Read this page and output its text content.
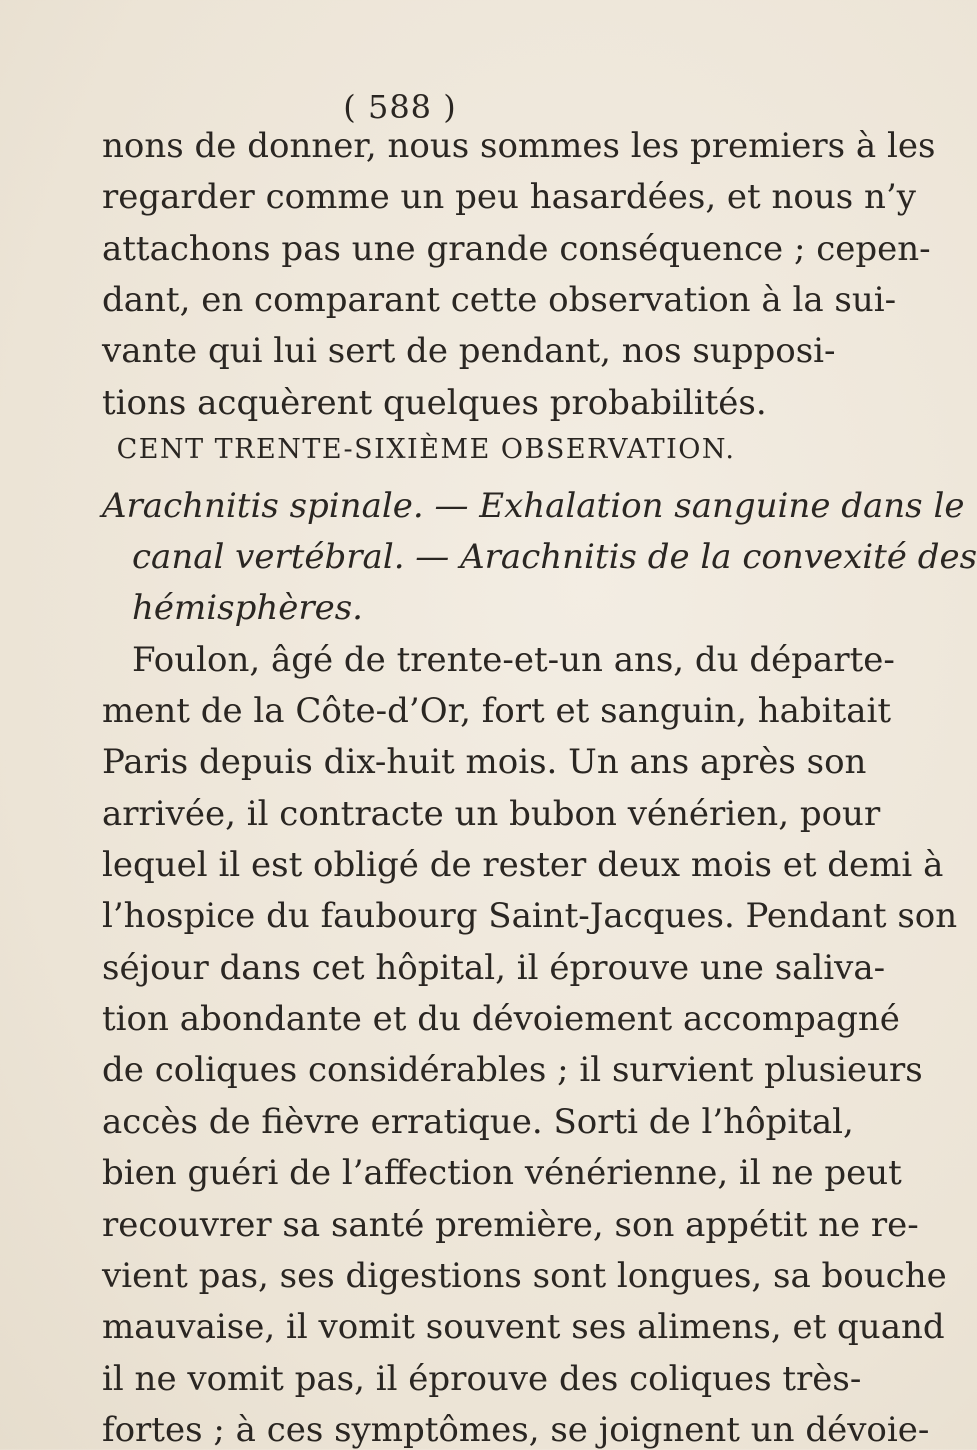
( 588 )
nons de donner, nous sommes les premiers à les
regarder comme un peu hasardées, et nous n’y
attachons pas une grande conséquence ; cepen-
dant, en comparant cette observation à la sui-
vante qui lui sert de pendant, nos supposi-
tions acquèrent quelques probabilités.
CENT TRENTE-SIXIÈME OBSERVATION.
Arachnitis spinale. — Exhalation sanguine dans le
canal vertébral. — Arachnitis de la convexité des
hémisphères.
Foulon, âgé de trente-et-un ans, du départe-
ment de la Côte-d’Or, fort et sanguin, habitait
Paris depuis dix-huit mois. Un ans après son
arrivée, il contracte un bubon vénérien, pour
lequel il est obligé de rester deux mois et demi à
l’hospice du faubourg Saint-Jacques. Pendant son
séjour dans cet hôpital, il éprouve une saliva-
tion abondante et du dévoiement accompagné
de coliques considérables ; il survient plusieurs
accès de fièvre erratique. Sorti de l’hôpital,
bien guéri de l’affection vénérienne, il ne peut
recouvrer sa santé première, son appétit ne re-
vient pas, ses digestions sont longues, sa bouche
mauvaise, il vomit souvent ses alimens, et quand
il ne vomit pas, il éprouve des coliques très-
fortes ; à ces symptômes, se joignent un dévoie-
